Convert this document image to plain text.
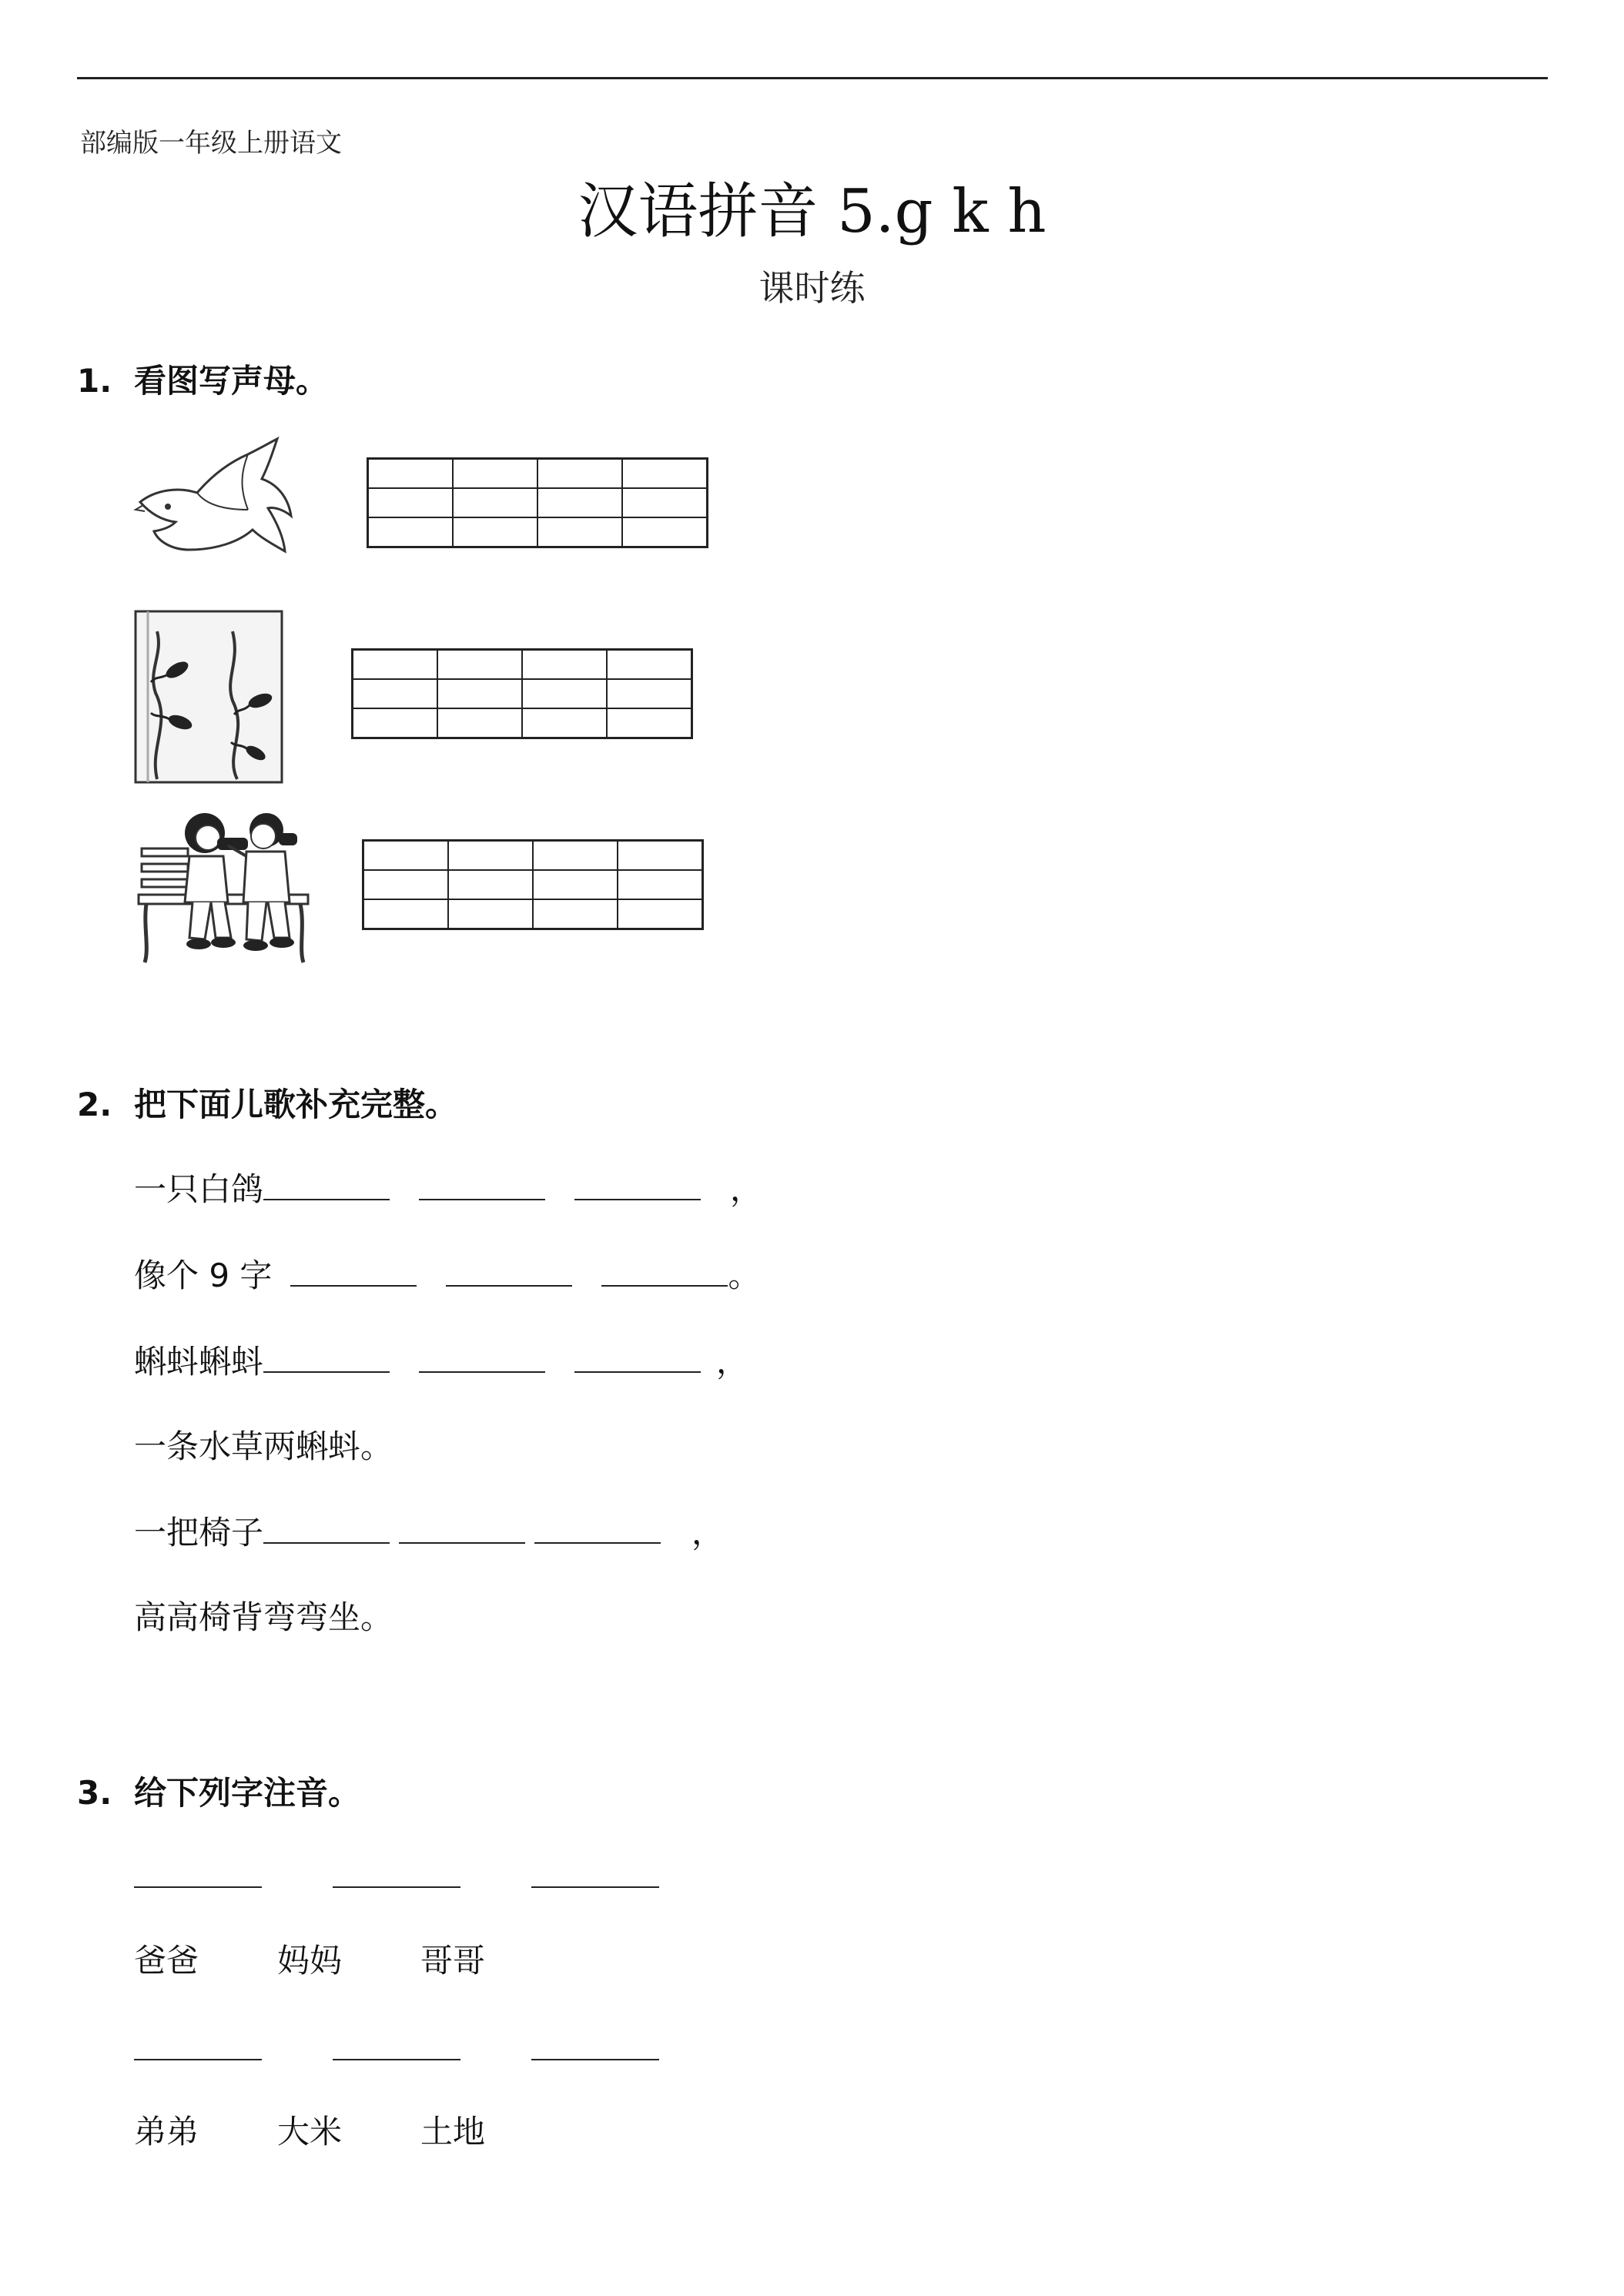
部编版一年级上册语文
汉语拼音 5.g k h
课时练
1. 看图写声母。

2. 把下面儿歌补充完整。
一只白鸽	，
像个 9 字	。
蝌蚪蝌蚪	，
一条水草两蝌蚪。
一把椅子	，
高高椅背弯弯坐。
3. 给下列字注音。
爸爸 妈妈 哥哥
弟弟 大米 土地
